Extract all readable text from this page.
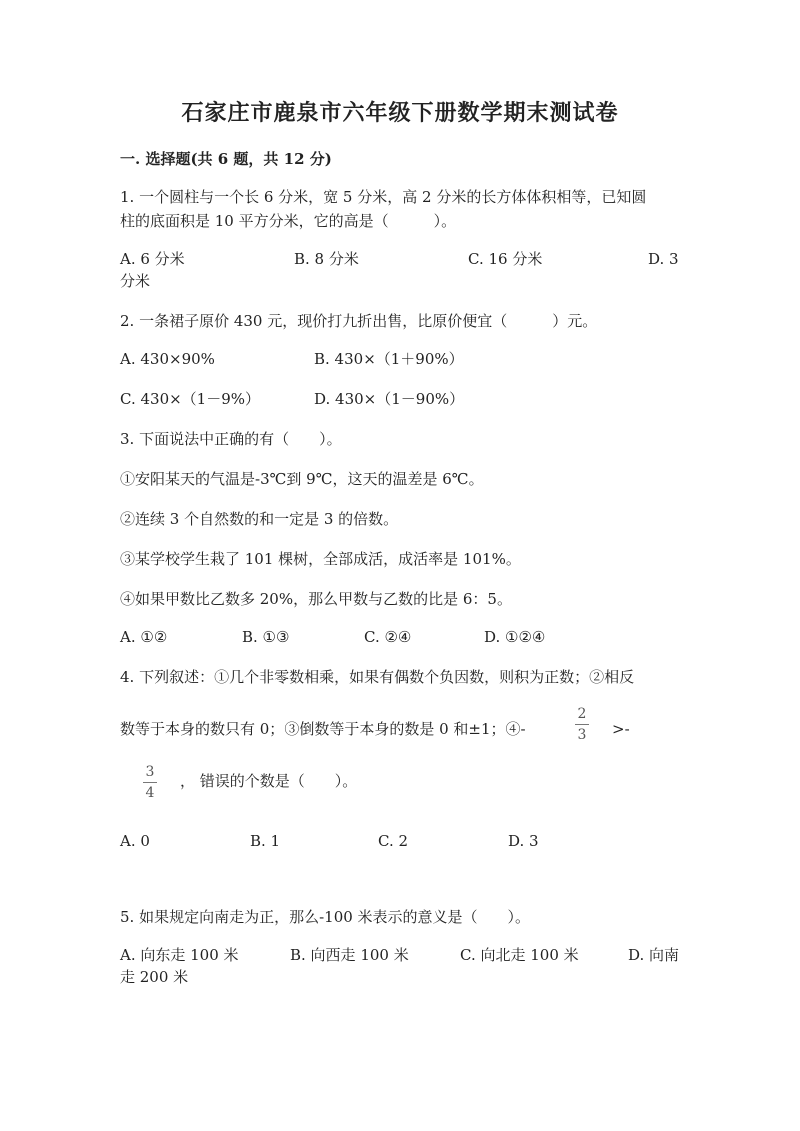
石家庄市鹿泉市六年级下册数学期末测试卷
一. 选择题(共 6 题，共 12 分)
1. 一个圆柱与一个长 6 分米，宽 5 分米，高 2 分米的长方体体积相等，已知圆
柱的底面积是 10 平方分米，它的高是（　　　）。
A. 6 分米	B. 8 分米	C. 16 分米	D. 3
分米
2. 一条裙子原价 430 元，现价打九折出售，比原价便宜（　　　）元。
A. 430×90%	B. 430×（1＋90%）
C. 430×（1－9%）	D. 430×（1－90%）
3. 下面说法中正确的有（　　）。
①安阳某天的气温是-3℃到 9℃，这天的温差是 6℃。
②连续 3 个自然数的和一定是 3 的倍数。
③某学校学生栽了 101 棵树，全部成活，成活率是 101%。
④如果甲数比乙数多 20%，那么甲数与乙数的比是 6：5。
A. ①②	B. ①③	C. ②④	D. ①②④
4. 下列叙述：①几个非零数相乘，如果有偶数个负因数，则积为正数；②相反
数等于本身的数只有 0；③倒数等于本身的数是 0 和±1；④-
2
3	>-
3
4
， 错误的个数是（　　）。
A. 0	B. 1	C. 2	D. 3
5. 如果规定向南走为正，那么-100 米表示的意义是（　　）。
A. 向东走 100 米	B. 向西走 100 米	C. 向北走 100 米	D. 向南
走 200 米
